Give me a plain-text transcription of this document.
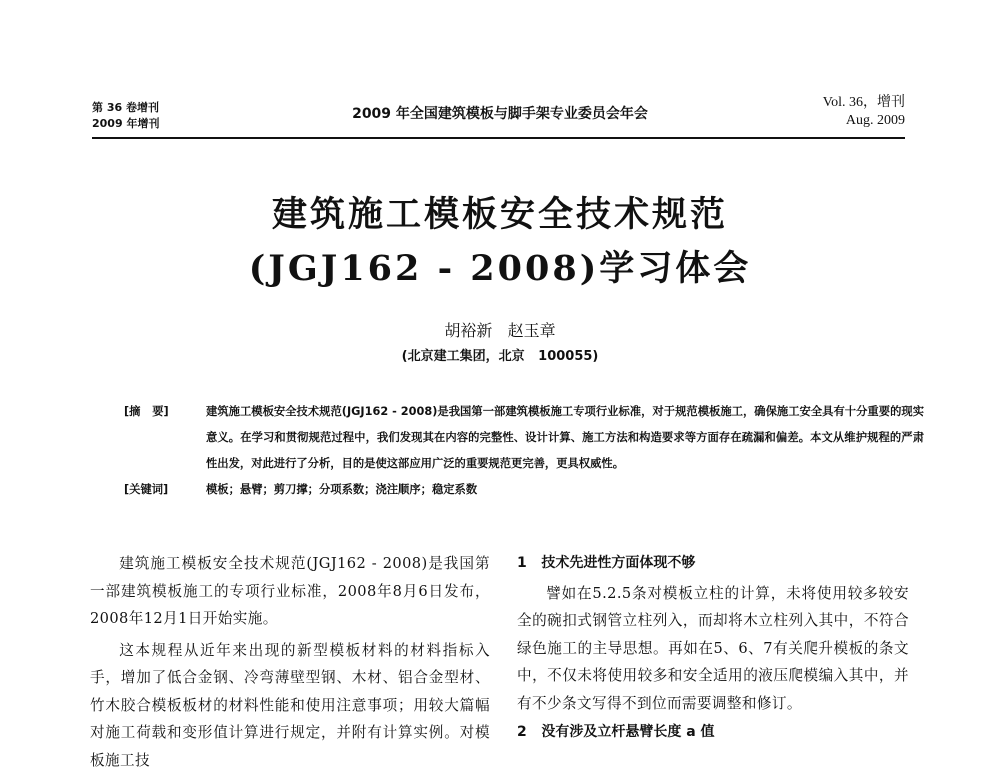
第 36 卷增刊
2009 年增刊
2009 年全国建筑模板与脚手架专业委员会年会
Vol. 36，增刊
Aug. 2009
建筑施工模板安全技术规范
(JGJ162 - 2008)学习体会
胡裕新   赵玉章
(北京建工集团，北京   100055)
[摘   要]	建筑施工模板安全技术规范(JGJ162 - 2008)是我国第一部建筑模板施工专项行业标准，对于规范模板施工，确保施工安全具有十分重要的现实意义。在学习和贯彻规范过程中，我们发现其在内容的完整性、设计计算、施工方法和构造要求等方面存在疏漏和偏差。本文从维护规程的严肃性出发，对此进行了分析，目的是使这部应用广泛的重要规范更完善，更具权威性。
[关键词]	模板；悬臂；剪刀撑；分项系数；浇注顺序；稳定系数

建筑施工模板安全技术规范(JGJ162 - 2008)是我国第一部建筑模板施工的专项行业标准，2008年8月6日发布，2008年12月1日开始实施。

这本规程从近年来出现的新型模板材料的材料指标入手，增加了低合金钢、冷弯薄壁型钢、木材、铝合金型材、竹木胶合模板板材的材料性能和使用注意事项；用较大篇幅对施工荷载和变形值计算进行规定，并附有计算实例。对模板施工技

1   技术先进性方面体现不够

譬如在5.2.5条对模板立柱的计算，未将使用较多较安全的碗扣式钢管立柱列入，而却将木立柱列入其中，不符合绿色施工的主导思想。再如在5、6、7有关爬升模板的条文中，不仅未将使用较多和安全适用的液压爬模编入其中，并有不少条文写得不到位而需要调整和修订。

2   没有涉及立杆悬臂长度 a 值
